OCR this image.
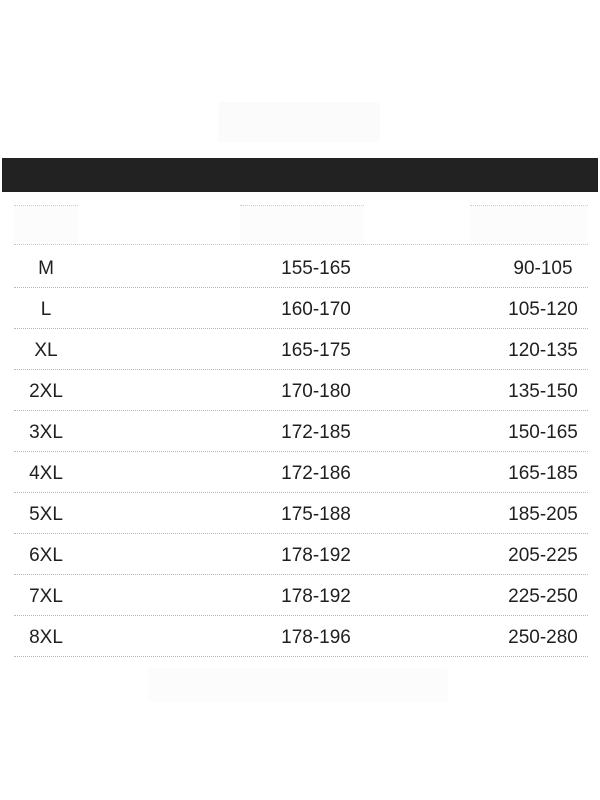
M	155-165	90-105
L	160-170	105-120
XL	165-175	120-135
2XL	170-180	135-150
3XL	172-185	150-165
4XL	172-186	165-185
5XL	175-188	185-205
6XL	178-192	205-225
7XL	178-192	225-250
8XL	178-196	250-280
